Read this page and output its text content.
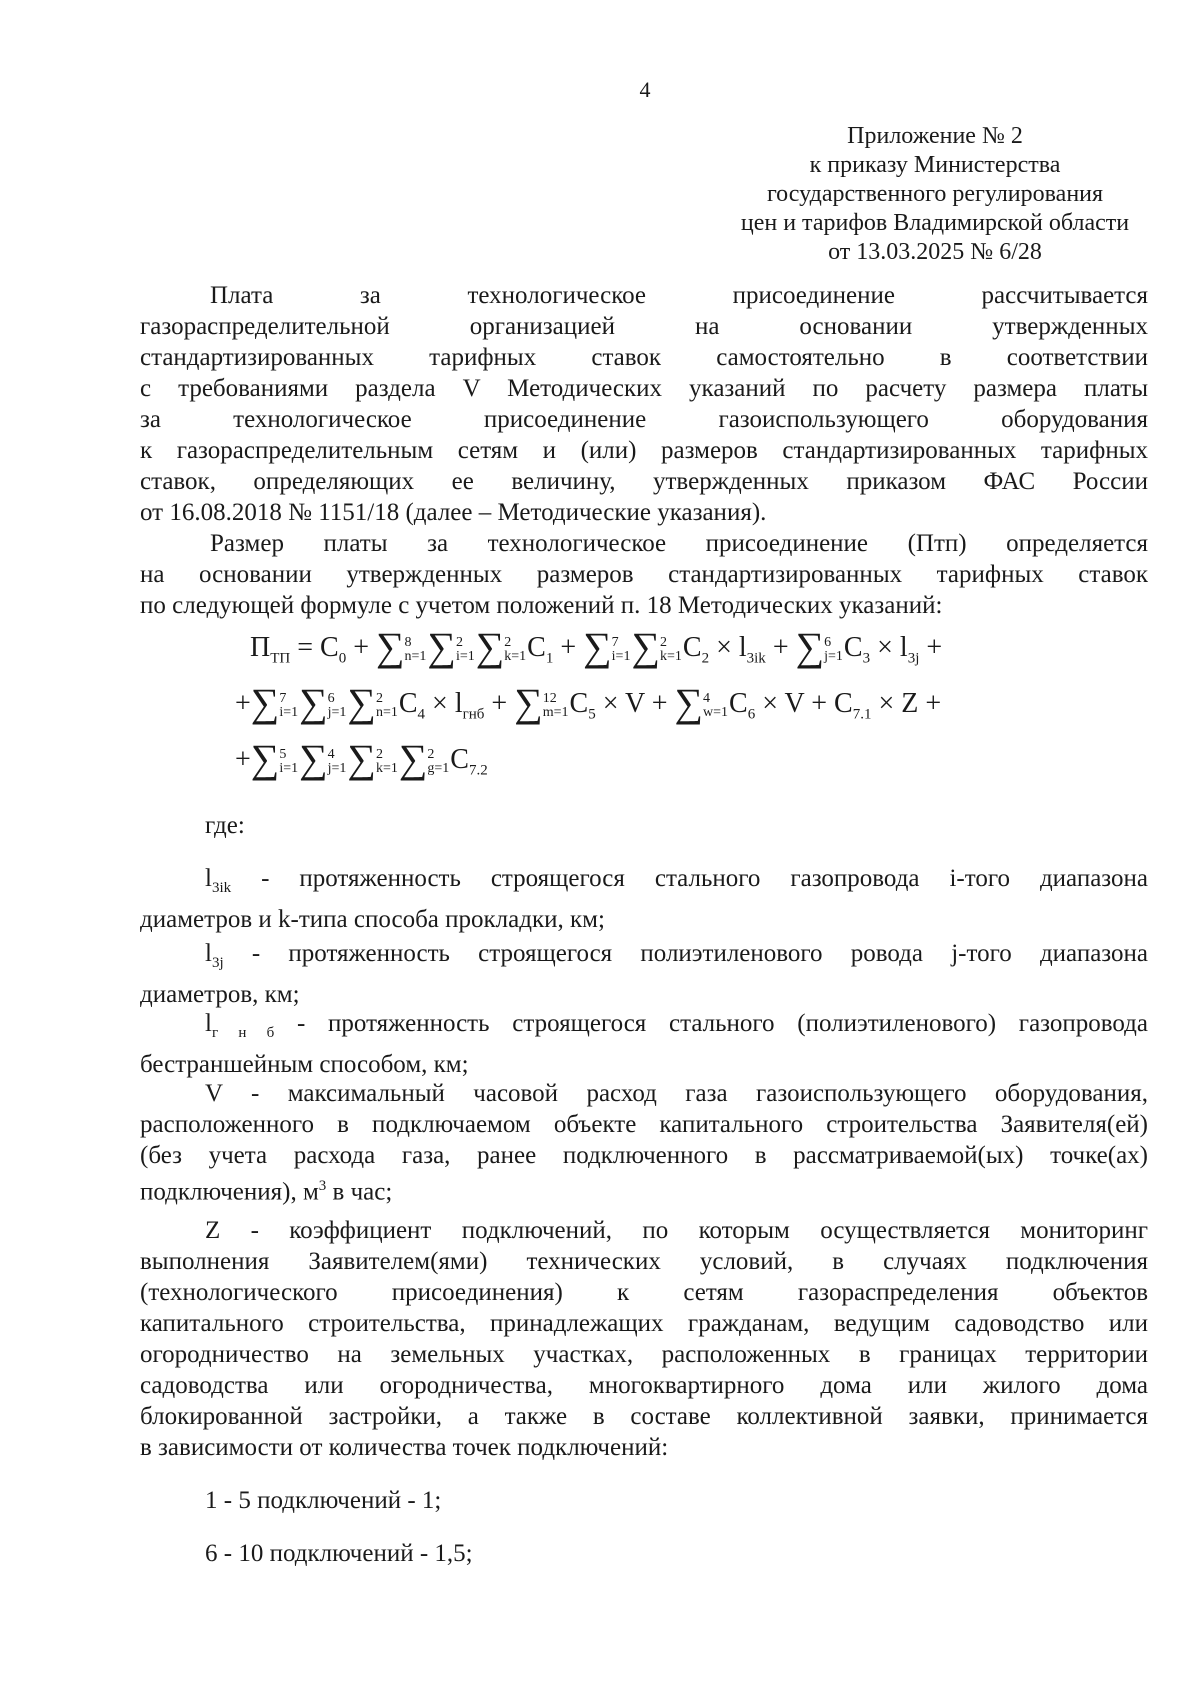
4
Приложение № 2
к приказу Министерства
государственного регулирования
цен и тарифов Владимирской области
от 13.03.2025 № 6/28
Плата за технологическое присоединение рассчитывается
газораспределительной организацией на основании утвержденных
стандартизированных тарифных ставок самостоятельно в соответствии
с требованиями раздела V Методических указаний по расчету размера платы
за технологическое присоединение газоиспользующего оборудования
к газораспределительным сетям и (или) размеров стандартизированных тарифных
ставок, определяющих ее величину, утвержденных приказом ФАС России
от 16.08.2018 № 1151/18 (далее – Методические указания).
Размер платы за технологическое присоединение (Птп) определяется
на основании утвержденных размеров стандартизированных тарифных ставок
по следующей формуле с учетом положений п. 18 Методических указаний:
$П_{ТП} = C_0$ + ∑ 8
n=1 ∑ 2
i=1 ∑ 2
k=1 $C_1$ + ∑ 7
i=1 ∑ 2
k=1 $C_2 \times l_{3ik}$ + ∑ 6
j=1 $C_3 \times l_{3j}$ +
+∑ 7
i=1 ∑ 6
j=1 ∑ 2
n=1 $C_4 \times l_{гнб}$ + ∑ 12
m=1 $C_5 \times V$ + ∑ 4
w=1 $C_6 \times V + C_{7.1} \times Z$ +
+∑ 5
i=1 ∑ 4
j=1 ∑ 2
k=1 ∑ 2
g=1 $C_{7.2}$
где:
$l_{3ik}$ - протяженность строящегося стального газопровода i-того диапазона
диаметров и k-типа способа прокладки, км;
$l_{3j}$ - протяженность строящегося полиэтиленового ровода j-того диапазона
диаметров, км;
$l_{г н б}$ - протяженность строящегося стального (полиэтиленового) газопровода
бестраншейным способом, км;
V - максимальный часовой расход газа газоиспользующего оборудования,
расположенного в подключаемом объекте капитального строительства Заявителя(ей)
(без учета расхода газа, ранее подключенного в рассматриваемой(ых) точке(ах)
подключения), $м^3$ в час;
Z - коэффициент подключений, по которым осуществляется мониторинг
выполнения Заявителем(ями) технических условий, в случаях подключения
(технологического присоединения) к сетям газораспределения объектов
капитального строительства, принадлежащих гражданам, ведущим садоводство или
огородничество на земельных участках, расположенных в границах территории
садоводства или огородничества, многоквартирного дома или жилого дома
блокированной застройки, а также в составе коллективной заявки, принимается
в зависимости от количества точек подключений:
1 - 5 подключений - 1;
6 - 10 подключений - 1,5;
